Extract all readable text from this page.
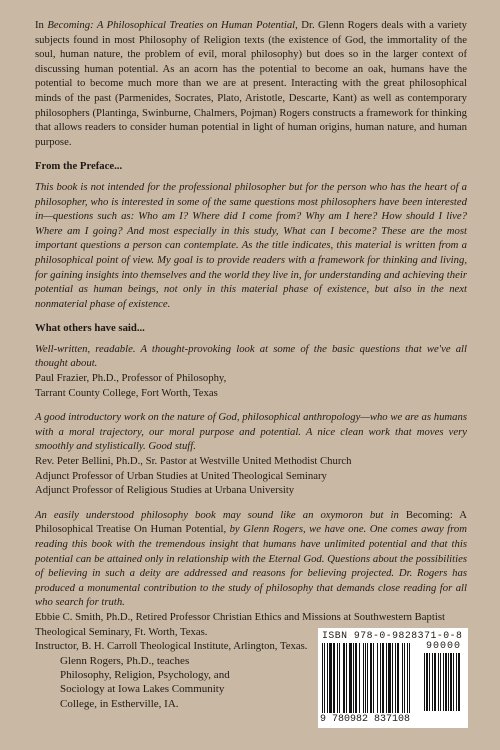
In Becoming: A Philosophical Treaties on Human Potential, Dr. Glenn Rogers deals with a variety subjects found in most Philosophy of Religion texts (the existence of God, the immortality of the soul, human nature, the problem of evil, moral philosophy) but does so in the larger context of discussing human potential. As an acorn has the potential to become an oak, humans have the potential to become much more than we are at present. Interacting with the great philosophical minds of the past (Parmenides, Socrates, Plato, Aristotle, Descarte, Kant) as well as contemporary philosophers (Plantinga, Swinburne, Chalmers, Pojman) Rogers constructs a framework for thinking that allows readers to consider human potential in light of human origins, human nature, and human purpose.

From the Preface...

This book is not intended for the professional philosopher but for the person who has the heart of a philosopher, who is interested in some of the same questions most philosophers have been interested in—questions such as: Who am I? Where did I come from? Why am I here? How should I live? Where am I going? And most especially in this study, What can I become? These are the most important questions a person can contemplate. As the title indicates, this material is written from a philosophical point of view. My goal is to provide readers with a framework for thinking and living, for gaining insights into themselves and the world they live in, for understanding and achieving their potential as human beings, not only in this material phase of existence, but also in the next nonmaterial phase of existence.

What others have said...

Well-written, readable. A thought-provoking look at some of the basic questions that we've all thought about.

Paul Frazier, Ph.D., Professor of Philosophy,

Tarrant County College, Fort Worth, Texas

A good introductory work on the nature of God, philosophical anthropology—who we are as humans with a moral trajectory, our moral purpose and potential. A nice clean work that moves very smoothly and stylistically. Good stuff.

Rev. Peter Bellini, Ph.D., Sr. Pastor at Westville United Methodist Church

Adjunct Professor of Urban Studies at United Theological Seminary

Adjunct Professor of Religious Studies at Urbana University

An easily understood philosophy book may sound like an oxymoron but in Becoming: A Philosophical Treatise On Human Potential, by Glenn Rogers, we have one. One comes away from reading this book with the tremendous insight that humans have unlimited potential and that this potential can be attained only in relationship with the Eternal God. Questions about the possibilities of believing in such a deity are addressed and reasons for believing projected. Dr. Rogers has produced a monumental contribution to the study of philosophy that demands close reading for all who search for truth.

Ebbie C. Smith, Ph.D., Retired Professor Christian Ethics and Missions at Southwestern Baptist Theological Seminary, Ft. Worth, Texas.

Instructor, B. H. Carroll Theological Institute, Arlington, Texas.

Glenn Rogers, Ph.D., teaches
Philosophy, Religion, Psychology, and
Sociology at Iowa Lakes Community
College, in Estherville, IA.
ISBN 978-0-9828371-0-8
90000
9 780982 837108
